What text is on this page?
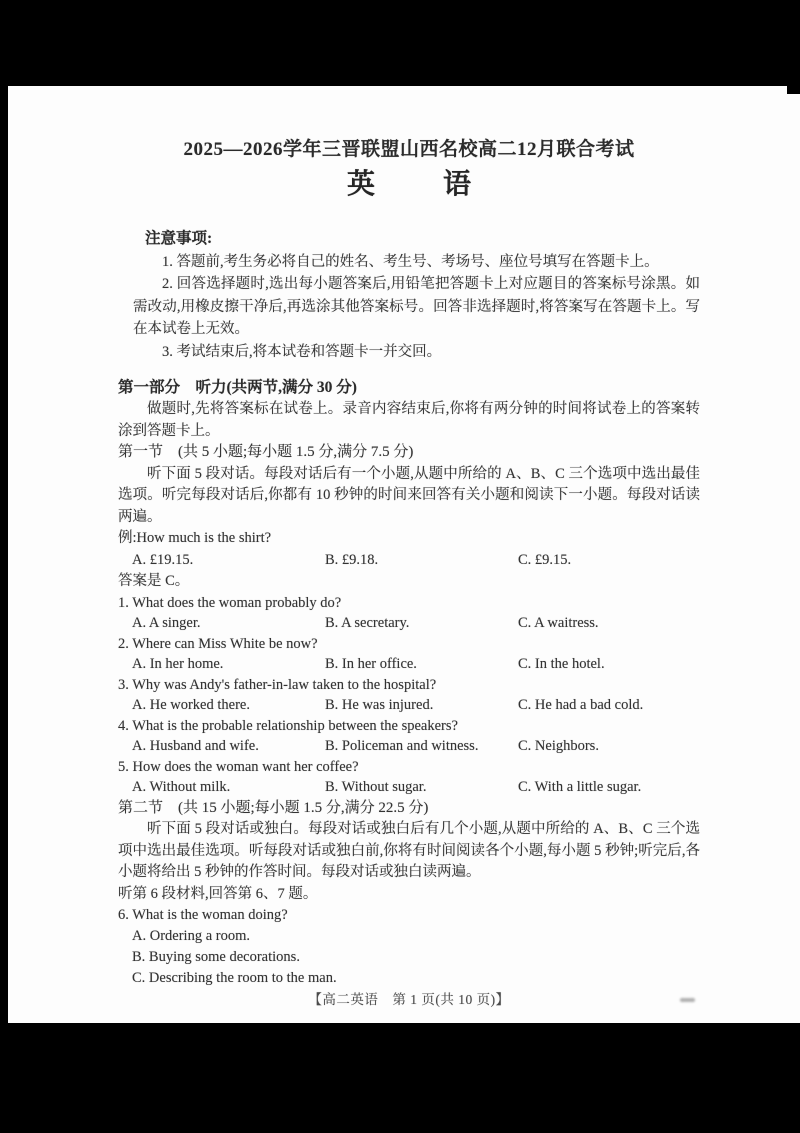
2025—2026学年三晋联盟山西名校高二12月联合考试
英 语
注意事项:

1. 答题前,考生务必将自己的姓名、考生号、考场号、座位号填写在答题卡上。

2. 回答选择题时,选出每小题答案后,用铅笔把答题卡上对应题目的答案标号涂黑。如需改动,用橡皮擦干净后,再选涂其他答案标号。回答非选择题时,将答案写在答题卡上。写在本试卷上无效。

3. 考试结束后,将本试卷和答题卡一并交回。

第一部分　听力(共两节,满分 30 分)

做题时,先将答案标在试卷上。录音内容结束后,你将有两分钟的时间将试卷上的答案转涂到答题卡上。

第一节　(共 5 小题;每小题 1.5 分,满分 7.5 分)

听下面 5 段对话。每段对话后有一个小题,从题中所给的 A、B、C 三个选项中选出最佳选项。听完每段对话后,你都有 10 秒钟的时间来回答有关小题和阅读下一小题。每段对话读两遍。

例:How much is the shirt?
A. £19.15.	B. £9.18.	C. £9.15.
答案是 C。
1. What does the woman probably do?
A. A singer.	B. A secretary.	C. A waitress.
2. Where can Miss White be now?
A. In her home.	B. In her office.	C. In the hotel.
3. Why was Andy's father-in-law taken to the hospital?
A. He worked there.	B. He was injured.	C. He had a bad cold.
4. What is the probable relationship between the speakers?
A. Husband and wife.	B. Policeman and witness.	C. Neighbors.
5. How does the woman want her coffee?
A. Without milk.	B. Without sugar.	C. With a little sugar.
第二节　(共 15 小题;每小题 1.5 分,满分 22.5 分)

听下面 5 段对话或独白。每段对话或独白后有几个小题,从题中所给的 A、B、C 三个选项中选出最佳选项。听每段对话或独白前,你将有时间阅读各个小题,每小题 5 秒钟;听完后,各小题将给出 5 秒钟的作答时间。每段对话或独白读两遍。

听第 6 段材料,回答第 6、7 题。
6. What is the woman doing?
A. Ordering a room.
B. Buying some decorations.
C. Describing the room to the man.
【高二英语　第 1 页(共 10 页)】
